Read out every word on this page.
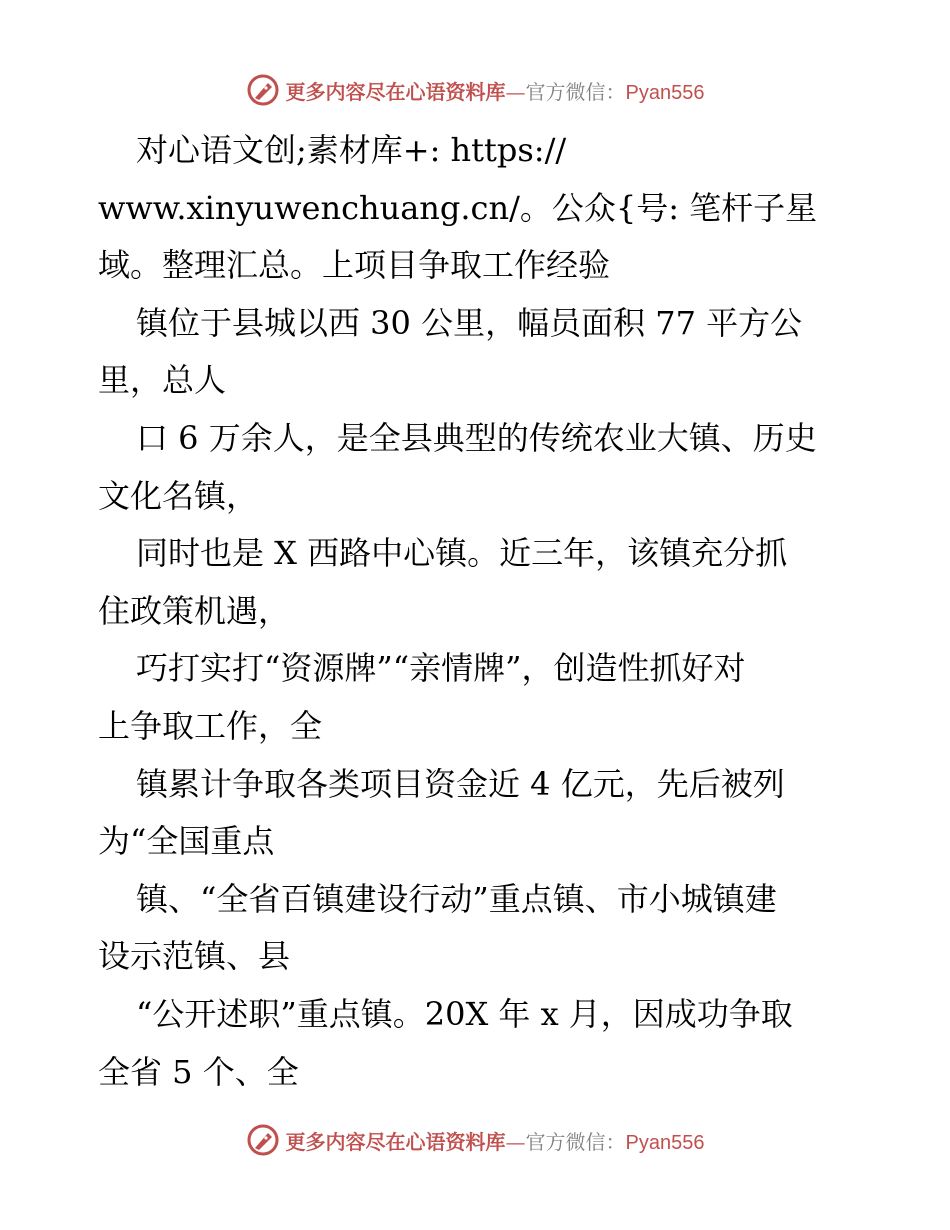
更多内容尽在心语资料库—官方微信：Pyan556
对心语文创;素材库+: https://
www.xinyuwenchuang.cn/。公众{号: 笔杆子星
域。整理汇总。上项目争取工作经验
镇位于县城以西 30 公里，幅员面积 77 平方公
里，总人
口 6 万余人，是全县典型的传统农业大镇、历史
文化名镇，
同时也是 X 西路中心镇。近三年，该镇充分抓
住政策机遇，
巧打实打“资源牌”“亲情牌”，创造性抓好对
上争取工作，全
镇累计争取各类项目资金近 4 亿元，先后被列
为“全国重点
镇、“全省百镇建设行动”重点镇、市小城镇建
设示范镇、县
“公开述职”重点镇。20X 年 x 月，因成功争取
全省 5 个、全
更多内容尽在心语资料库—官方微信：Pyan556
